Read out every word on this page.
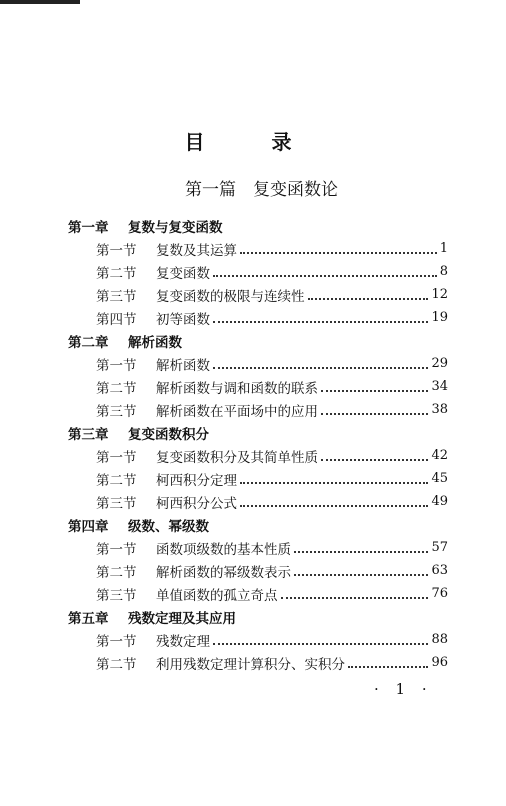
目 录
第一篇　复变函数论
第一章	复数与复变函数
第一节	复数及其运算	1
第二节	复变函数	8
第三节	复变函数的极限与连续性	12
第四节	初等函数	19
第二章	解析函数
第一节	解析函数	29
第二节	解析函数与调和函数的联系	34
第三节	解析函数在平面场中的应用	38
第三章	复变函数积分
第一节	复变函数积分及其简单性质	42
第二节	柯西积分定理	45
第三节	柯西积分公式	49
第四章	级数、幂级数
第一节	函数项级数的基本性质	57
第二节	解析函数的幂级数表示	63
第三节	单值函数的孤立奇点	76
第五章	残数定理及其应用
第一节	残数定理	88
第二节	利用残数定理计算积分、实积分	96
· 1 ·
